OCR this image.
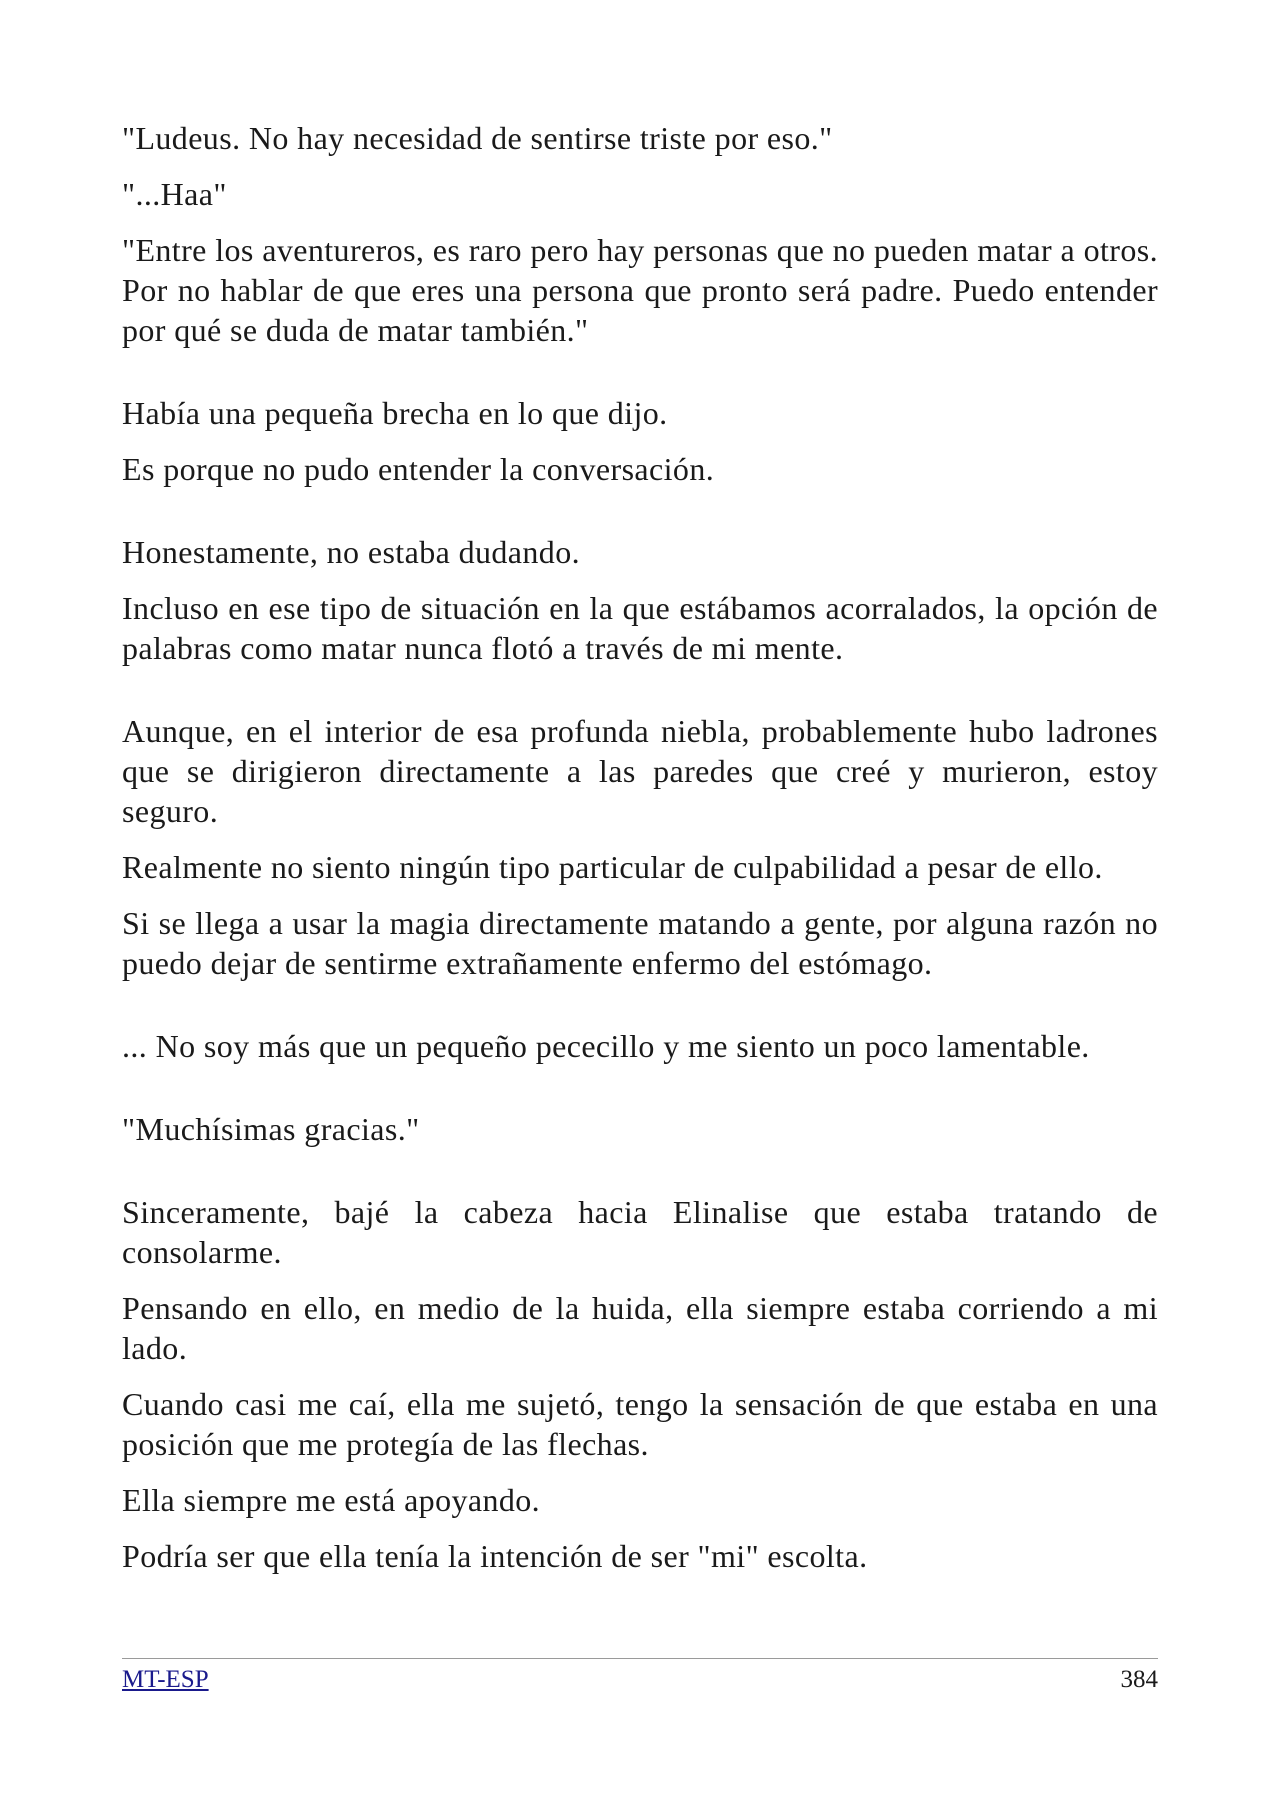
"Ludeus. No hay necesidad de sentirse triste por eso."

"...Haa"

"Entre los aventureros, es raro pero hay personas que no pueden matar a otros. Por no hablar de que eres una persona que pronto será padre. Puedo entender por qué se duda de matar también."

Había una pequeña brecha en lo que dijo.

Es porque no pudo entender la conversación.

Honestamente, no estaba dudando.

Incluso en ese tipo de situación en la que estábamos acorralados, la opción de palabras como matar nunca flotó a través de mi mente.

Aunque, en el interior de esa profunda niebla, probablemente hubo ladrones que se dirigieron directamente a las paredes que creé y murieron, estoy seguro.

Realmente no siento ningún tipo particular de culpabilidad a pesar de ello.

Si se llega a usar la magia directamente matando a gente, por alguna razón no puedo dejar de sentirme extrañamente enfermo del estómago.

... No soy más que un pequeño pececillo y me siento un poco lamentable.

"Muchísimas gracias."

Sinceramente, bajé la cabeza hacia Elinalise que estaba tratando de consolarme.

Pensando en ello, en medio de la huida, ella siempre estaba corriendo a mi lado.

Cuando casi me caí, ella me sujetó, tengo la sensación de que estaba en una posición que me protegía de las flechas.

Ella siempre me está apoyando.

Podría ser que ella tenía la intención de ser "mi" escolta.

MT-ESP	384
